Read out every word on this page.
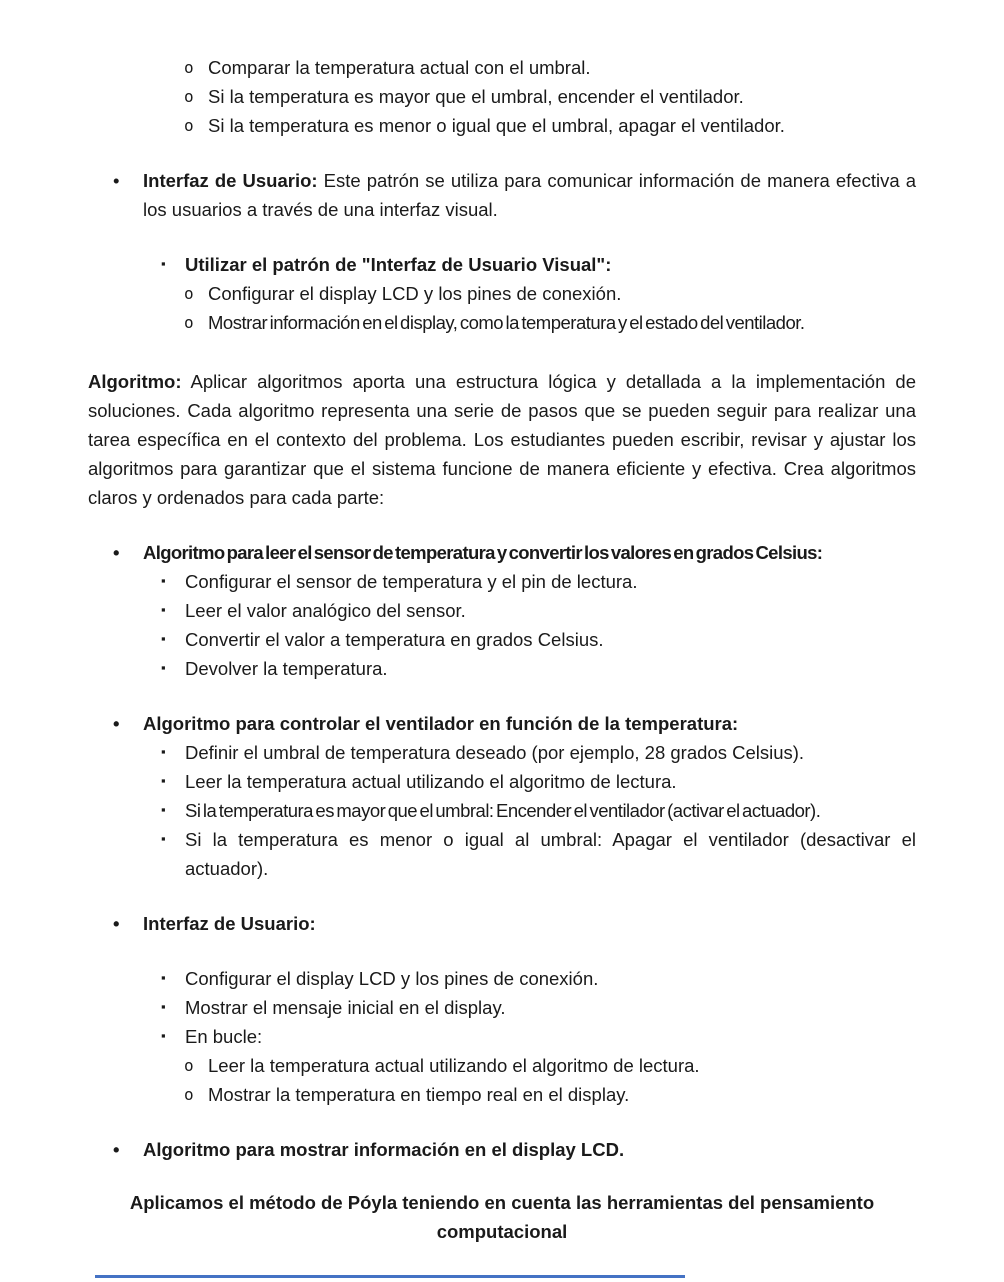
o Comparar la temperatura actual con el umbral.
o Si la temperatura es mayor que el umbral, encender el ventilador.
o Si la temperatura es menor o igual que el umbral, apagar el ventilador.
• Interfaz de Usuario: Este patrón se utiliza para comunicar información de manera efectiva a los usuarios a través de una interfaz visual.
▪ Utilizar el patrón de "Interfaz de Usuario Visual":
o Configurar el display LCD y los pines de conexión.
o Mostrar información en el display, como la temperatura y el estado del ventilador.
Algoritmo: Aplicar algoritmos aporta una estructura lógica y detallada a la implementación de soluciones. Cada algoritmo representa una serie de pasos que se pueden seguir para realizar una tarea específica en el contexto del problema. Los estudiantes pueden escribir, revisar y ajustar los algoritmos para garantizar que el sistema funcione de manera eficiente y efectiva. Crea algoritmos claros y ordenados para cada parte:
• Algoritmo para leer el sensor de temperatura y convertir los valores en grados Celsius:
▪ Configurar el sensor de temperatura y el pin de lectura.
▪ Leer el valor analógico del sensor.
▪ Convertir el valor a temperatura en grados Celsius.
▪ Devolver la temperatura.
• Algoritmo para controlar el ventilador en función de la temperatura:
▪ Definir el umbral de temperatura deseado (por ejemplo, 28 grados Celsius).
▪ Leer la temperatura actual utilizando el algoritmo de lectura.
▪ Si la temperatura es mayor que el umbral: Encender el ventilador (activar el actuador).
▪ Si la temperatura es menor o igual al umbral: Apagar el ventilador (desactivar el actuador).
• Interfaz de Usuario:
▪ Configurar el display LCD y los pines de conexión.
▪ Mostrar el mensaje inicial en el display.
▪ En bucle:
o Leer la temperatura actual utilizando el algoritmo de lectura.
o Mostrar la temperatura en tiempo real en el display.
• Algoritmo para mostrar información en el display LCD.
Aplicamos el método de Póyla teniendo en cuenta las herramientas del pensamiento computacional
